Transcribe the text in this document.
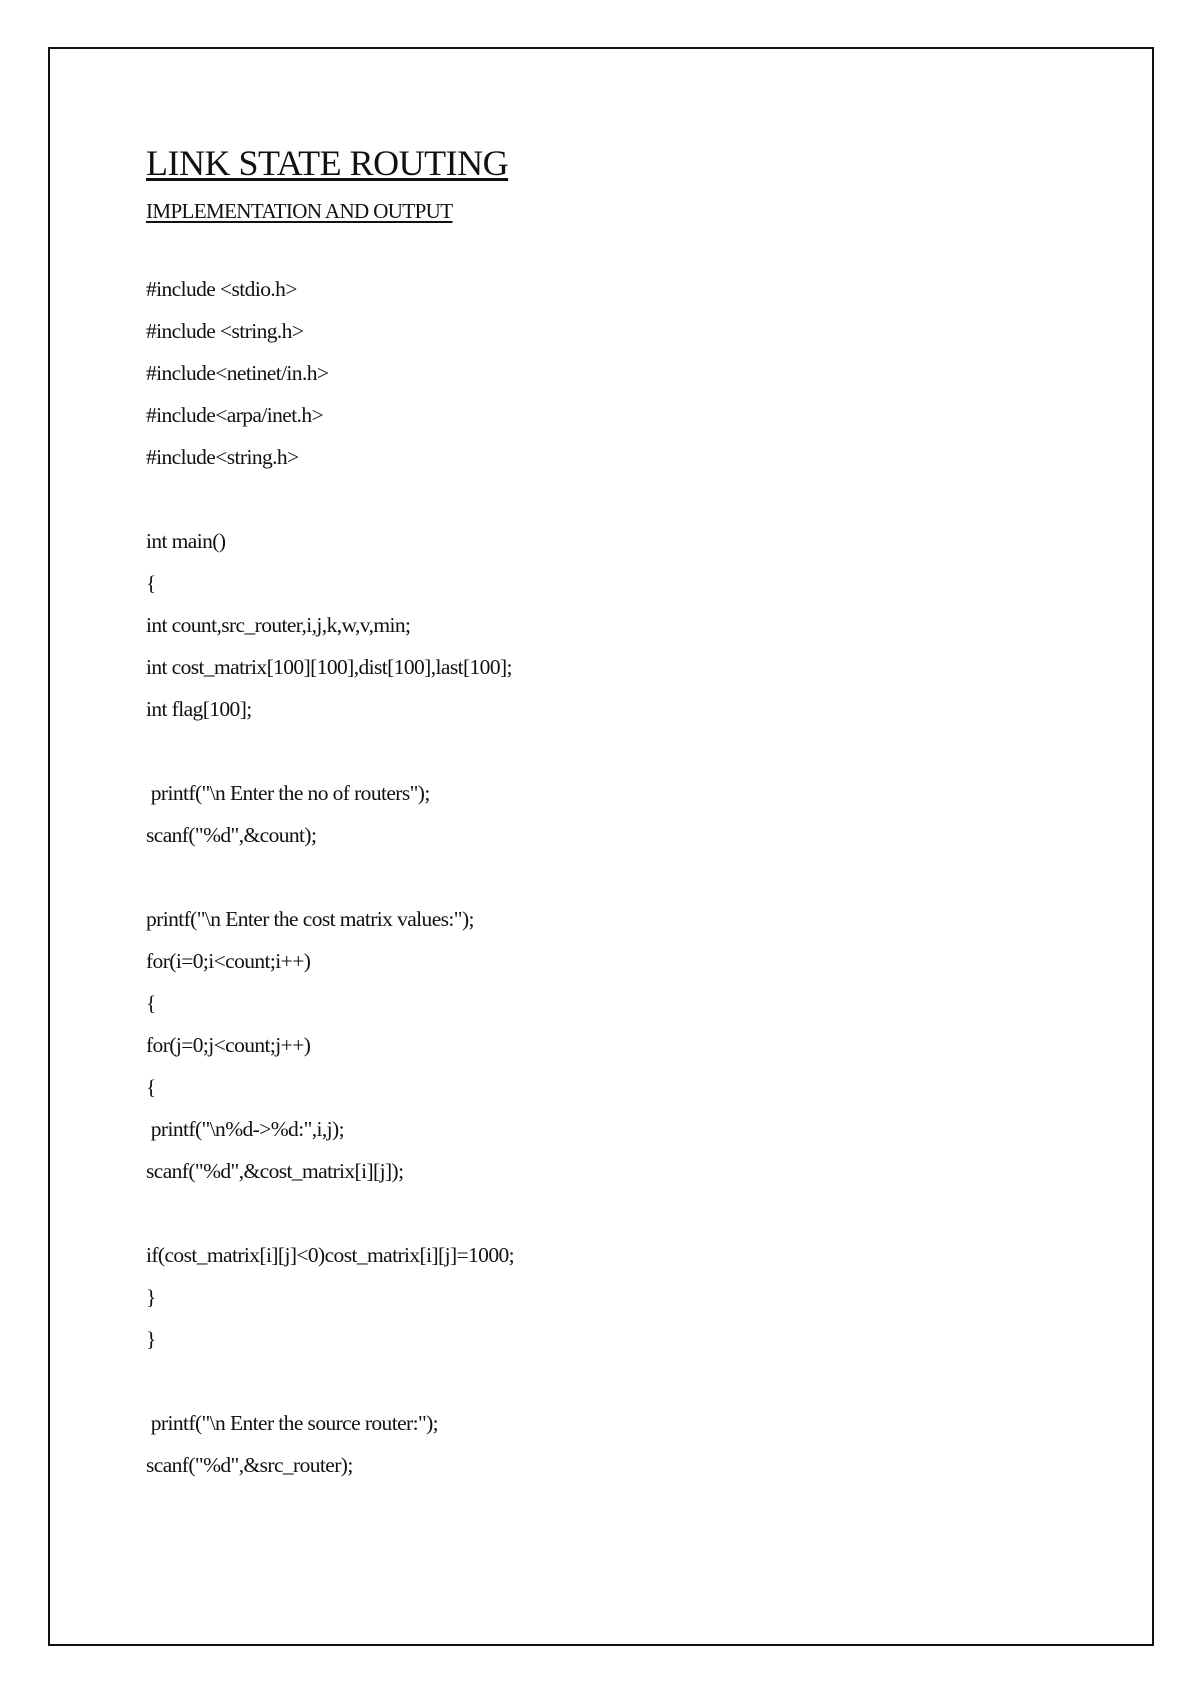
LINK STATE ROUTING
IMPLEMENTATION AND OUTPUT
#include <stdio.h>
#include <string.h>
#include<netinet/in.h>
#include<arpa/inet.h>
#include<string.h>
int main()
{
int count,src_router,i,j,k,w,v,min;
int cost_matrix[100][100],dist[100],last[100];
int flag[100];
printf("\n Enter the no of routers");
scanf("%d",&count);
printf("\n Enter the cost matrix values:");
for(i=0;i<count;i++)
{
for(j=0;j<count;j++)
{
printf("\n%d->%d:",i,j);
scanf("%d",&cost_matrix[i][j]);
if(cost_matrix[i][j]<0)cost_matrix[i][j]=1000;
}
}
printf("\n Enter the source router:");
scanf("%d",&src_router);
